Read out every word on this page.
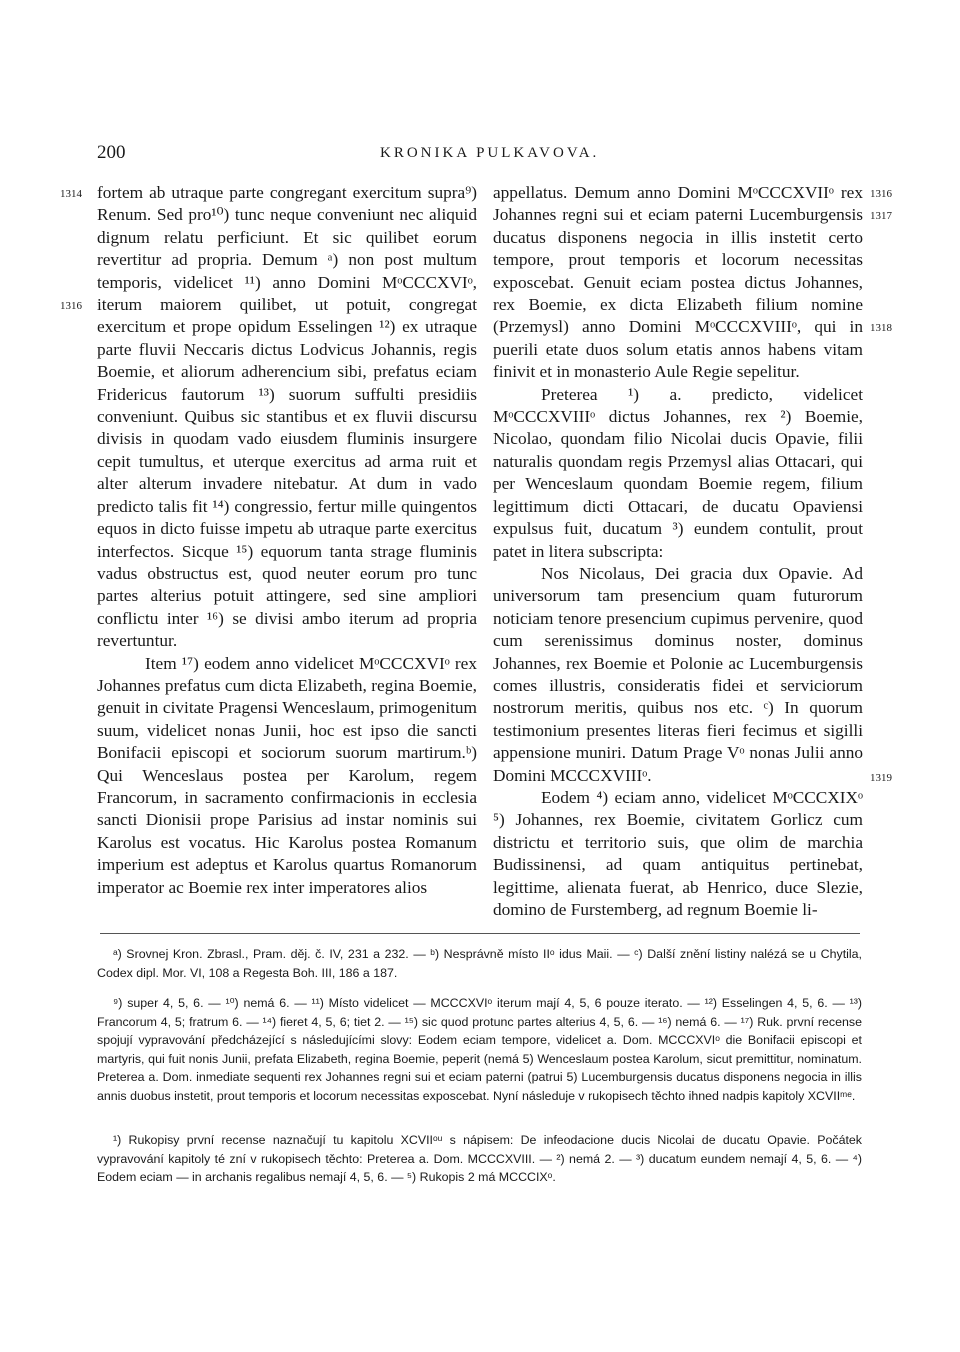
200	KRONIKA PULKAVOVA.
1314
1316
1316
1317
1318
1319

fortem ab utraque parte congregant exercitum supra⁹) Renum. Sed pro¹⁰) tunc neque conveniunt nec aliquid dignum relatu perficiunt. Et sic quilibet eorum revertitur ad propria. Demum ᵃ) non post multum temporis, videlicet ¹¹) anno Domini MᵒCCCXVIᵒ, iterum maiorem quilibet, ut potuit, congregat exercitum et prope opidum Esselingen ¹²) ex utraque parte fluvii Neccaris dictus Lodvicus Johannis, regis Boemie, et aliorum adherencium sibi, prefatus eciam Fridericus fautorum ¹³) suorum suffulti presidiis conveniunt. Quibus sic stantibus et ex fluvii discursu divisis in quodam vado eiusdem fluminis insurgere cepit tumultus, et uterque exercitus ad arma ruit et alter alterum invadere nitebatur. At dum in vado predicto talis fit ¹⁴) congressio, fertur mille quingentos equos in dicto fuisse impetu ab utraque parte exercitus interfectos. Sicque ¹⁵) equorum tanta strage fluminis vadus obstructus est, quod neuter eorum pro tunc partes alterius potuit attingere, sed sine ampliori conflictu inter ¹⁶) se divisi ambo iterum ad propria revertuntur.

Item ¹⁷) eodem anno videlicet MᵒCCCXVIᵒ rex Johannes prefatus cum dicta Elizabeth, regina Boemie, genuit in civitate Pragensi Wenceslaum, primogenitum suum, videlicet nonas Junii, hoc est ipso die sancti Bonifacii episcopi et sociorum suorum martirum.ᵇ) Qui Wenceslaus postea per Karolum, regem Francorum, in sacramento confirmacionis in ecclesia sancti Dionisii prope Parisius ad instar nominis sui Karolus est vocatus. Hic Karolus postea Romanum imperium est adeptus et Karolus quartus Romanorum imperator ac Boemie rex inter imperatores alios

appellatus. Demum anno Domini MᵒCCCXVIIᵒ rex Johannes regni sui et eciam paterni Lucemburgensis ducatus disponens negocia in illis instetit certo tempore, prout temporis et locorum necessitas exposcebat. Genuit eciam postea dictus Johannes, rex Boemie, ex dicta Elizabeth filium nomine (Przemysl) anno Domini MᵒCCCXVIIIᵒ, qui in puerili etate duos solum etatis annos habens vitam finivit et in monasterio Aule Regie sepelitur.

Preterea ¹) a. predicto, videlicet MᵒCCCXVIIIᵒ dictus Johannes, rex ²) Boemie, Nicolao, quondam filio Nicolai ducis Opavie, filii naturalis quondam regis Przemysl alias Ottacari, qui per Wenceslaum quondam Boemie regem, filium legittimum dicti Ottacari, de ducatu Opaviensi expulsus fuit, ducatum ³) eundem contulit, prout patet in litera subscripta:

Nos Nicolaus, Dei gracia dux Opavie. Ad universorum tam presencium quam futurorum noticiam tenore presencium cupimus pervenire, quod cum serenissimus dominus noster, dominus Johannes, rex Boemie et Polonie ac Lucemburgensis comes illustris, consideratis fidei et serviciorum nostrorum meritis, quibus nos etc. ᶜ) In quorum testimonium presentes literas fieri fecimus et sigilli appensione muniri. Datum Prage Vᵒ nonas Julii anno Domini MCCCXVIIIᵒ.

Eodem ⁴) eciam anno, videlicet MᵒCCCXIXᵒ ⁵) Johannes, rex Boemie, civitatem Gorlicz cum districtu et territorio suis, que olim de marchia Budissinensi, ad quam antiquitus pertinebat, legittime, alienata fuerat, ab Henrico, duce Slezie, domino de Furstemberg, ad regnum Boemie li-

ᵃ) Srovnej Kron. Zbrasl., Pram. děj. č. IV, 231 a 232. — ᵇ) Nesprávně místo IIᵒ idus Maii. — ᶜ) Další znění listiny nalézá se u Chytila, Codex dipl. Mor. VI, 108 a Regesta Boh. III, 186 a 187.

⁹) super 4, 5, 6. — ¹⁰) nemá 6. — ¹¹) Místo videlicet — MCCCXVIᵒ iterum mají 4, 5, 6 pouze iterato. — ¹²) Esselingen 4, 5, 6. — ¹³) Francorum 4, 5; fratrum 6. — ¹⁴) fieret 4, 5, 6; tiet 2. — ¹⁵) sic quod protunc partes alterius 4, 5, 6. — ¹⁶) nemá 6. — ¹⁷) Ruk. první recense spojují vypravování předcházející s následujícími slovy: Eodem eciam tempore, videlicet a. Dom. MCCCXVIᵒ die Bonifacii episcopi et martyris, qui fuit nonis Junii, prefata Elizabeth, regina Boemie, peperit (nemá 5) Wenceslaum postea Karolum, sicut premittitur, nominatum. Preterea a. Dom. inmediate sequenti rex Johannes regni sui et eciam paterni (patrui 5) Lucemburgensis ducatus disponens negocia in illis annis duobus instetit, prout temporis et locorum necessitas exposcebat. Nyní následuje v rukopisech těchto ihned nadpis kapitoly XCVIIᵐᵉ.

¹) Rukopisy první recense naznačují tu kapitolu XCVIIᵒᵘ s nápisem: De infeodacione ducis Nicolai de ducatu Opavie. Počátek vypravování kapitoly té zní v rukopisech těchto: Preterea a. Dom. MCCCXVIII. — ²) nemá 2. — ³) ducatum eundem nemají 4, 5, 6. — ⁴) Eodem eciam — in archanis regalibus nemají 4, 5, 6. — ⁵) Rukopis 2 má MCCCIXᵒ.
